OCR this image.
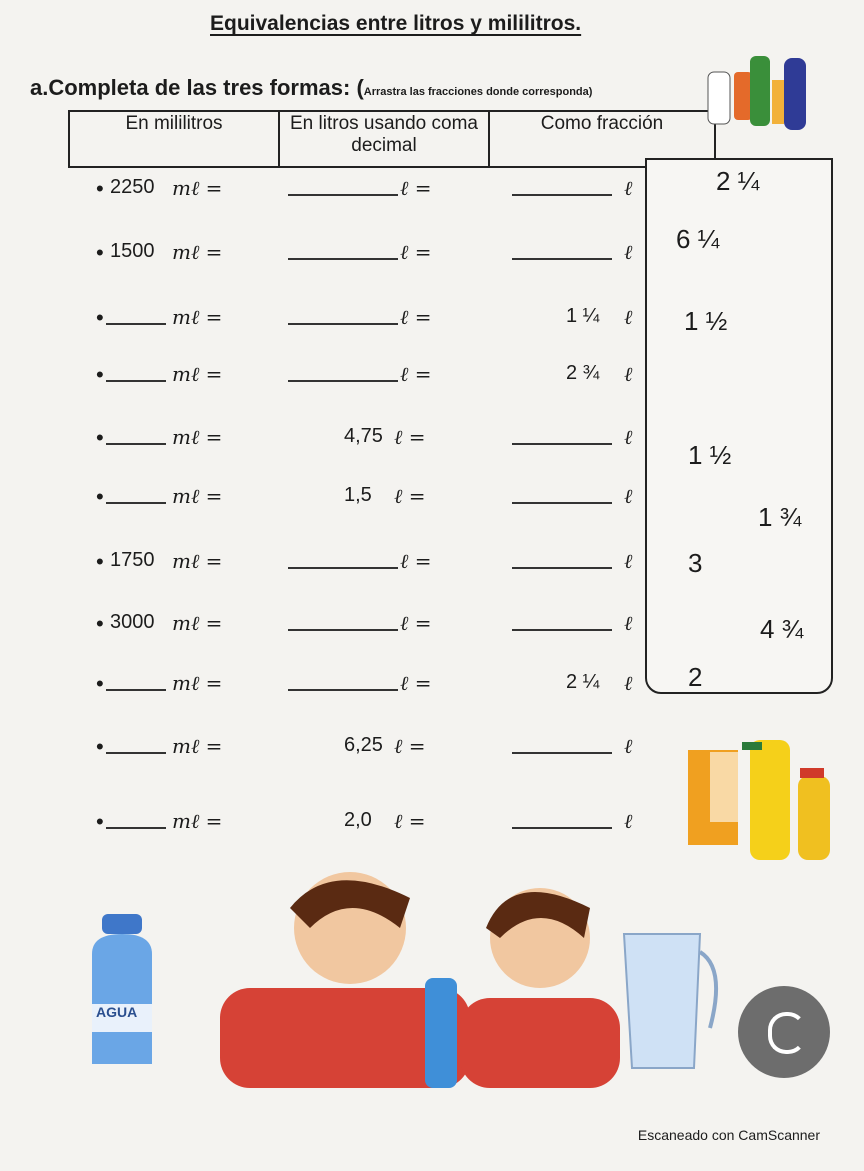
Equivalencias entre litros y mililitros.
a.Completa de las tres formas: (Arrastra las fracciones donde corresponda)
En mililitros	En litros usando coma decimal	Como fracción
2 ¼
6 ¼
1 ½
1 ½
1 ¾
3
4 ¾
2
• 2250 mℓ =	ℓ =	ℓ
• 1500 mℓ =	ℓ =	ℓ
•	mℓ =	ℓ =	1 ¼ ℓ
•	mℓ =	ℓ =	2 ¾ ℓ
•	mℓ =	4,75 ℓ =	ℓ
•	mℓ =	1,5 ℓ =	ℓ
• 1750 mℓ =	ℓ =	ℓ
• 3000 mℓ =	ℓ =	ℓ
•	mℓ =	ℓ =	2 ¼ ℓ
•	mℓ =	6,25 ℓ =	ℓ
•	mℓ =	2,0 ℓ =	ℓ
AGUA
Escaneado con CamScanner
